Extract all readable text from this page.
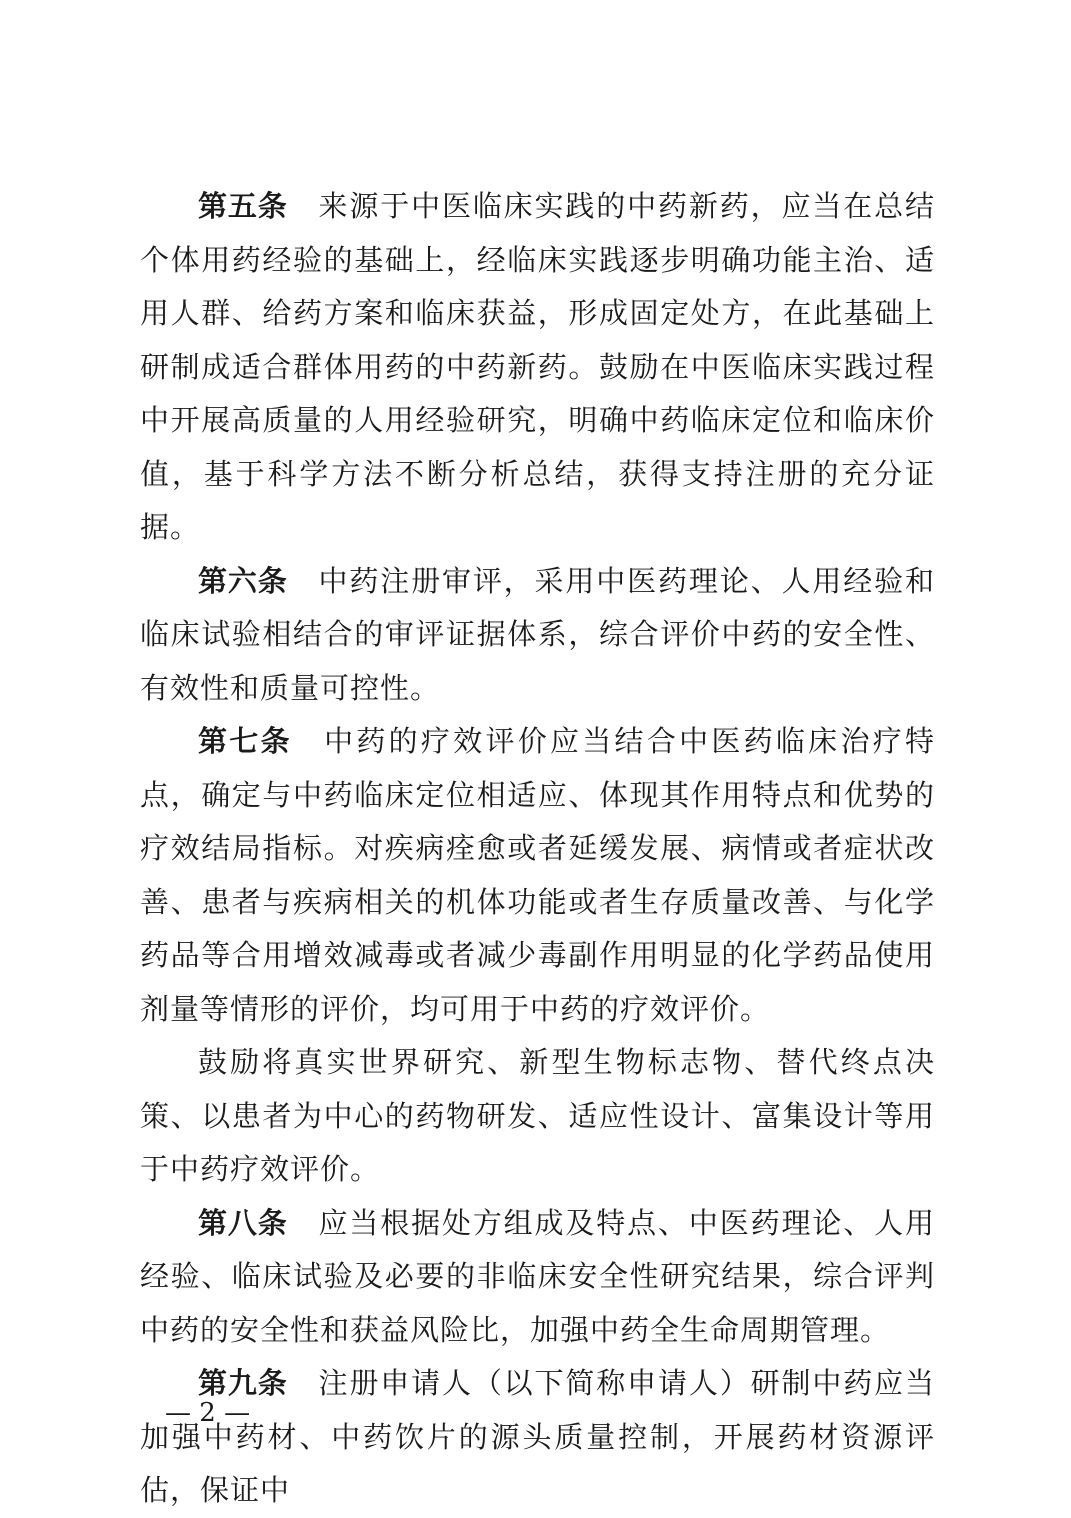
第五条 来源于中医临床实践的中药新药，应当在总结个体用药经验的基础上，经临床实践逐步明确功能主治、适用人群、给药方案和临床获益，形成固定处方，在此基础上研制成适合群体用药的中药新药。鼓励在中医临床实践过程中开展高质量的人用经验研究，明确中药临床定位和临床价值，基于科学方法不断分析总结，获得支持注册的充分证据。

第六条 中药注册审评，采用中医药理论、人用经验和临床试验相结合的审评证据体系，综合评价中药的安全性、有效性和质量可控性。

第七条 中药的疗效评价应当结合中医药临床治疗特点，确定与中药临床定位相适应、体现其作用特点和优势的疗效结局指标。对疾病痊愈或者延缓发展、病情或者症状改善、患者与疾病相关的机体功能或者生存质量改善、与化学药品等合用增效减毒或者减少毒副作用明显的化学药品使用剂量等情形的评价，均可用于中药的疗效评价。

鼓励将真实世界研究、新型生物标志物、替代终点决策、以患者为中心的药物研发、适应性设计、富集设计等用于中药疗效评价。

第八条 应当根据处方组成及特点、中医药理论、人用经验、临床试验及必要的非临床安全性研究结果，综合评判中药的安全性和获益风险比，加强中药全生命周期管理。

第九条 注册申请人（以下简称申请人）研制中药应当加强中药材、中药饮片的源头质量控制，开展药材资源评估，保证中

— 2 —
